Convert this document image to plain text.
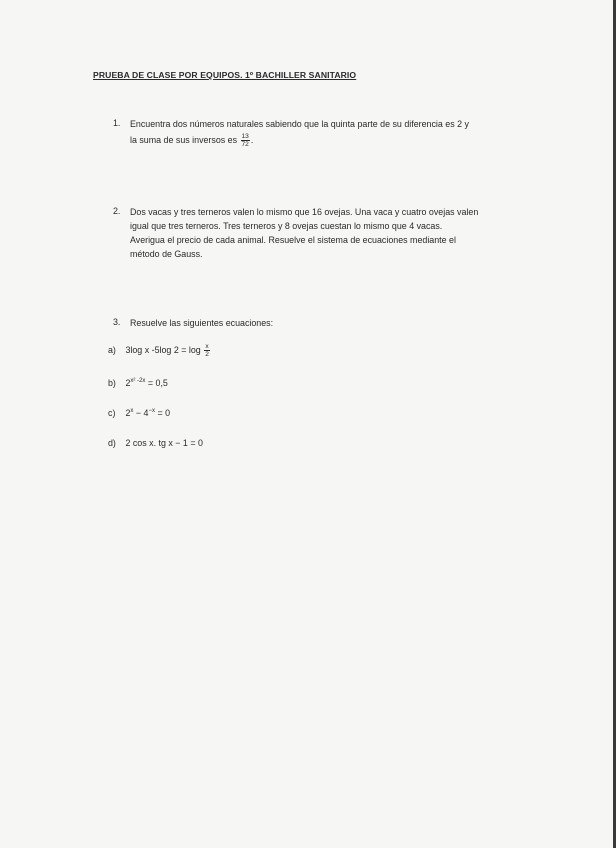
PRUEBA DE CLASE POR EQUIPOS. 1º BACHILLER SANITARIO
1. Encuentra dos números naturales sabiendo que la quinta parte de su diferencia es 2 y
la suma de sus inversos es $\frac{13}{72}$ .
2. Dos vacas y tres terneros valen lo mismo que 16 ovejas. Una vaca y cuatro ovejas valen
igual que tres terneros. Tres terneros y 8 ovejas cuestan lo mismo que 4 vacas.
Averigua el precio de cada animal. Resuelve el sistema de ecuaciones mediante el
método de Gauss.
3. Resuelve las siguientes ecuaciones:
a) 3log x -5log $2 = \log \frac{x}{2}$
b) $2^{x^2 -2x} = 0,5$
c) $2^x - 4^{-x} = 0$
d) 2 cos x. tg x − 1 = 0
